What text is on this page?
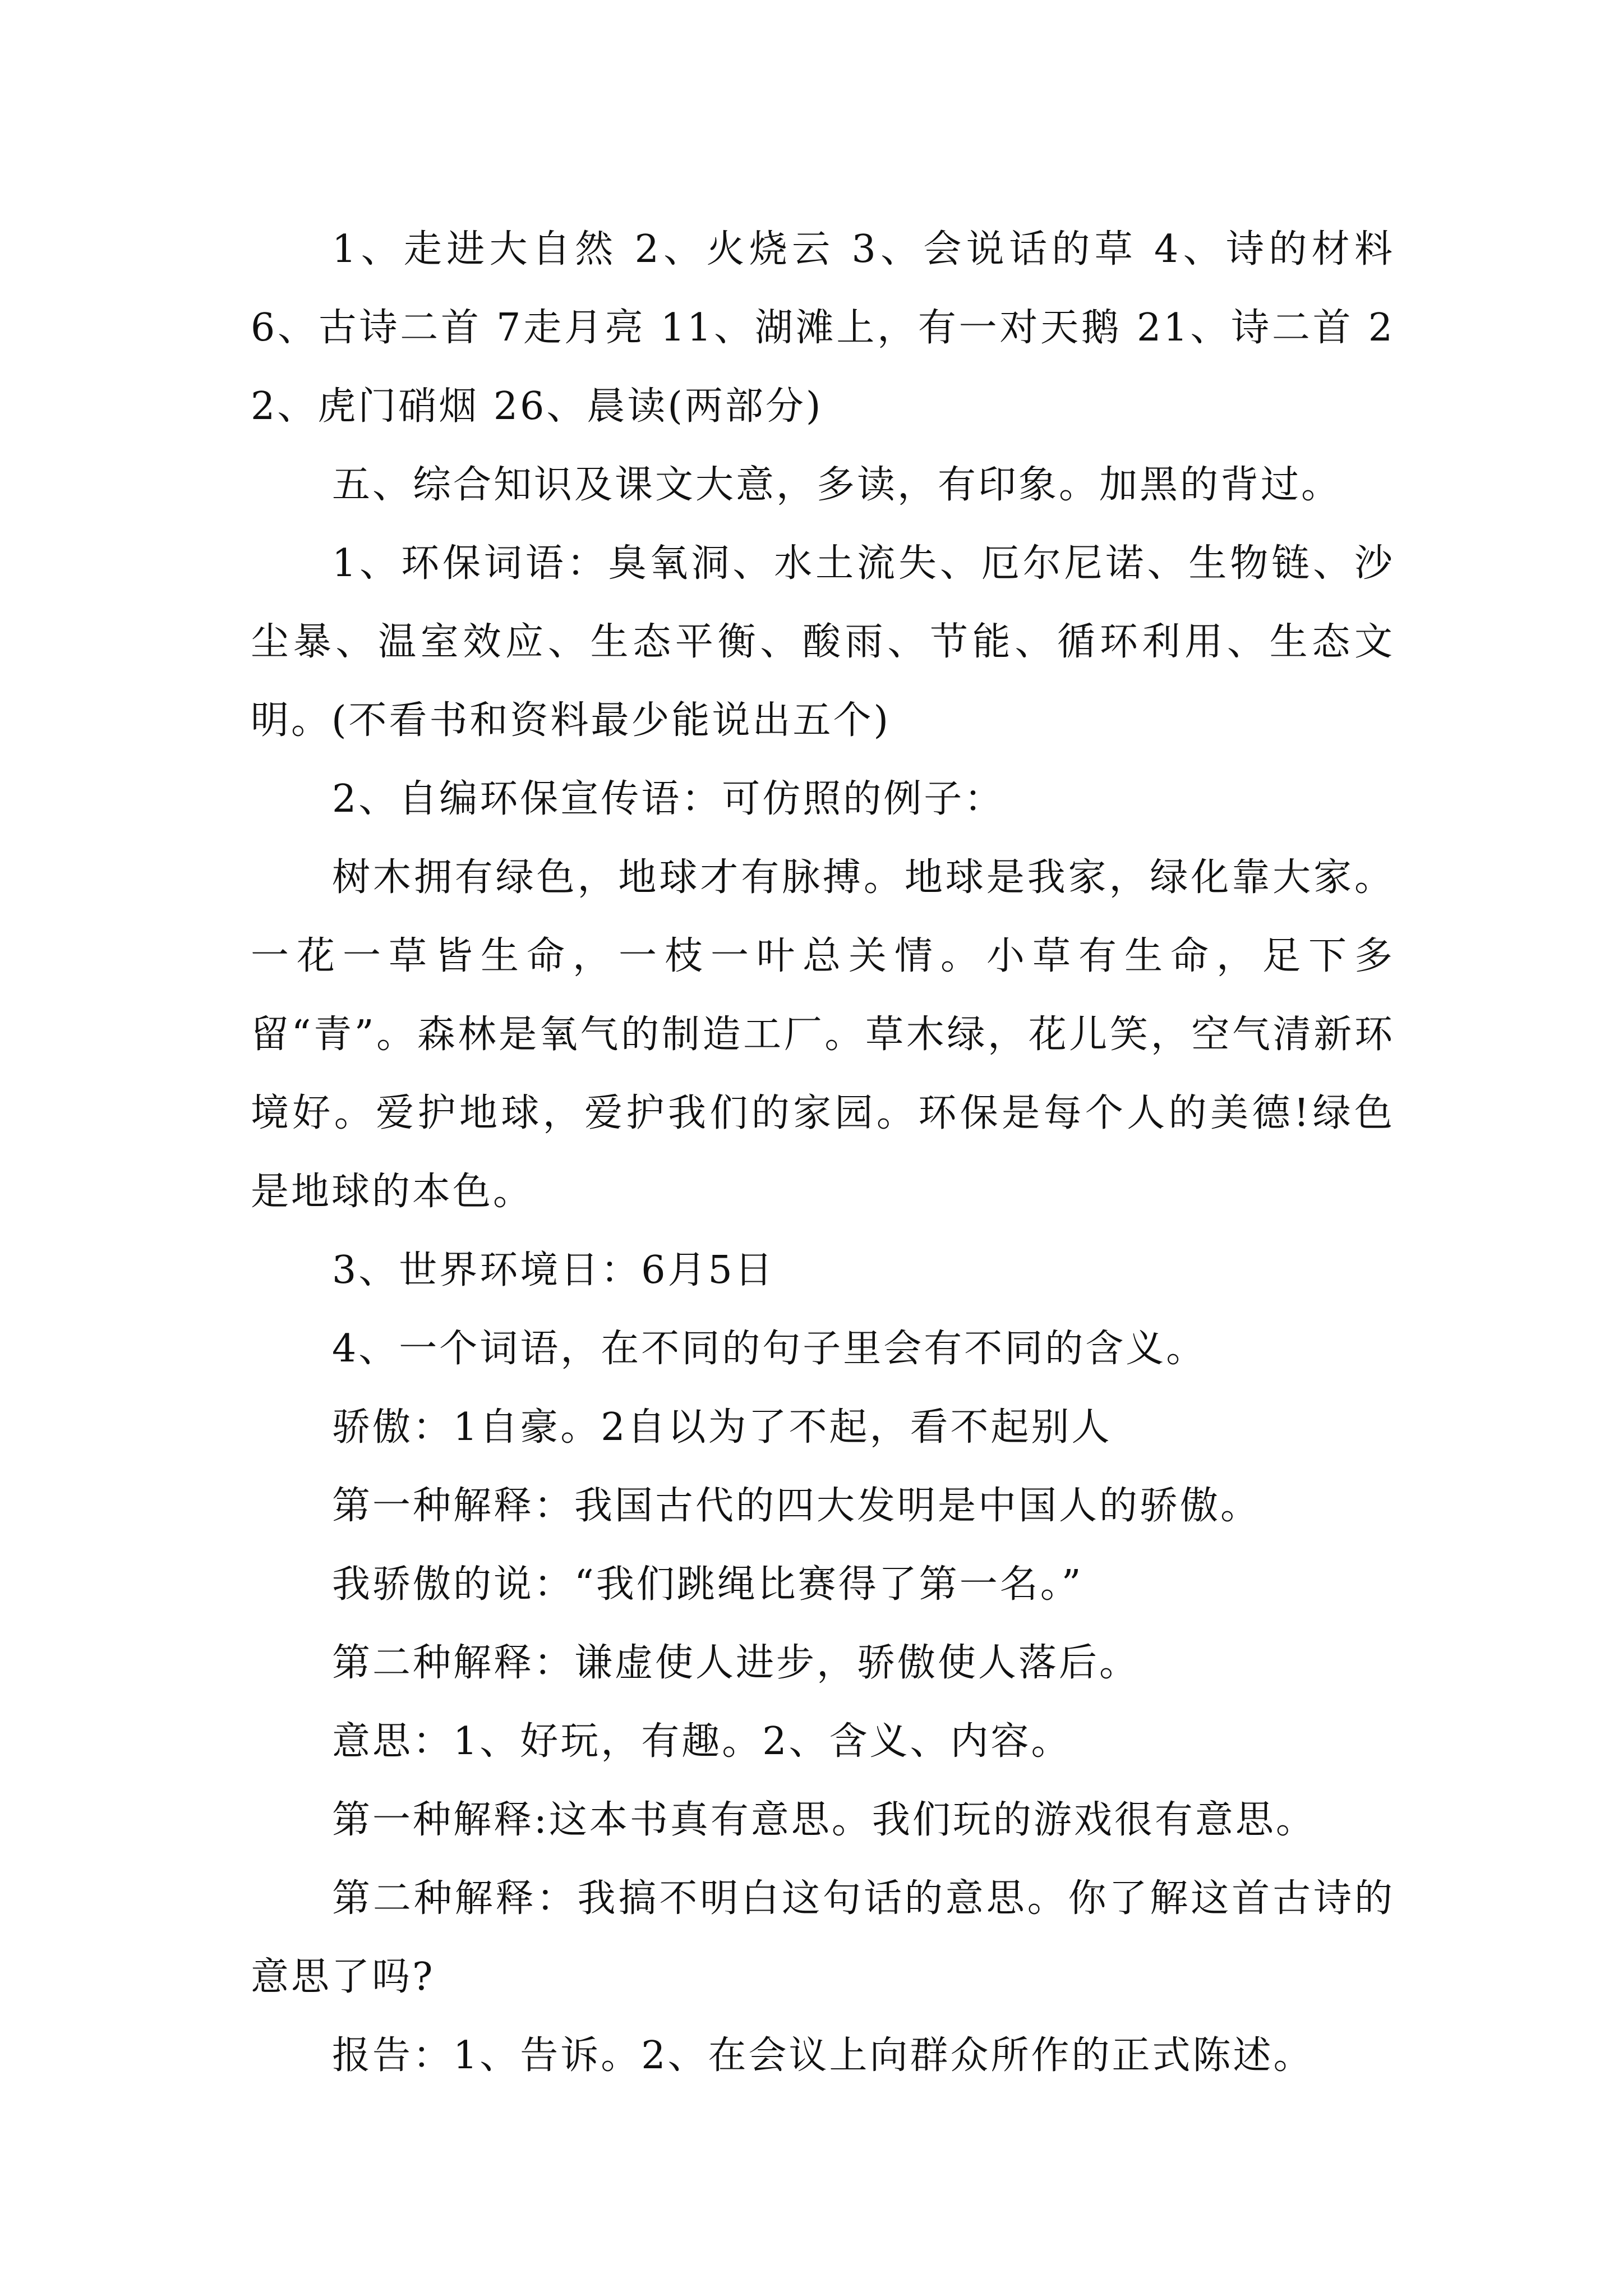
1、走进大自然 2、火烧云 3、会说话的草 4、诗的材料 6、古诗二首 7走月亮 11、湖滩上，有一对天鹅 21、诗二首 22、虎门硝烟 26、晨读(两部分)

五、综合知识及课文大意，多读，有印象。加黑的背过。

1、环保词语：臭氧洞、水土流失、厄尔尼诺、生物链、沙尘暴、温室效应、生态平衡、酸雨、节能、循环利用、生态文明。(不看书和资料最少能说出五个)

2、自编环保宣传语：可仿照的例子：

树木拥有绿色，地球才有脉搏。地球是我家，绿化靠大家。一花一草皆生命，一枝一叶总关情。小草有生命，足下多留“青”。森林是氧气的制造工厂。草木绿，花儿笑，空气清新环境好。爱护地球，爱护我们的家园。环保是每个人的美德!绿色是地球的本色。

3、世界环境日：6月5日

4、一个词语，在不同的句子里会有不同的含义。

骄傲：1自豪。2自以为了不起，看不起别人

第一种解释：我国古代的四大发明是中国人的骄傲。

我骄傲的说：“我们跳绳比赛得了第一名。”

第二种解释：谦虚使人进步，骄傲使人落后。

意思：1、好玩，有趣。2、含义、内容。

第一种解释:这本书真有意思。我们玩的游戏很有意思。

第二种解释：我搞不明白这句话的意思。你了解这首古诗的意思了吗?

报告：1、告诉。2、在会议上向群众所作的正式陈述。
